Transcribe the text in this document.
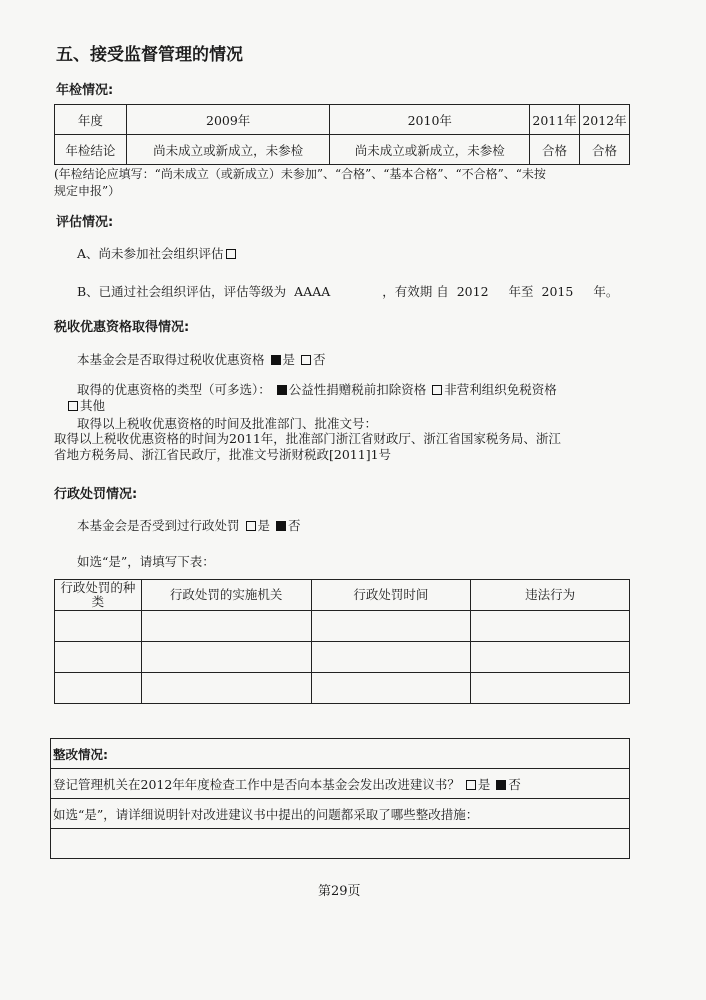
五、接受监督管理的情况
年检情况:
年度	2009年	2010年	2011年	2012年
年检结论	尚未成立或新成立，未参检	尚未成立或新成立，未参检	合格	合格
(年检结论应填写：“尚未成立（或新成立）未参加”、“合格”、“基本合格”、“不合格”、“未按
规定申报”）
评估情况:
A、尚未参加社会组织评估
B、已通过社会组织评估，评估等级为 AAAA	，有效期 自 2012 年至 2015 年。
税收优惠资格取得情况:
本基金会是否取得过税收优惠资格 是 否
取得的优惠资格的类型（可多选）： 公益性捐赠税前扣除资格 非营利组织免税资格
其他
取得以上税收优惠资格的时间及批准部门、批准文号：
取得以上税收优惠资格的时间为2011年，批准部门浙江省财政厅、浙江省国家税务局、浙江
省地方税务局、浙江省民政厅，批准文号浙财税政[2011]1号
行政处罚情况:
本基金会是否受到过行政处罚 是 否
如选“是”，请填写下表：
行政处罚的种
类	行政处罚的实施机关	行政处罚时间	违法行为

整改情况:
登记管理机关在2012年年度检查工作中是否向本基金会发出改进建议书？ 是 否
如选“是”，请详细说明针对改进建议书中提出的问题都采取了哪些整改措施：

第29页
